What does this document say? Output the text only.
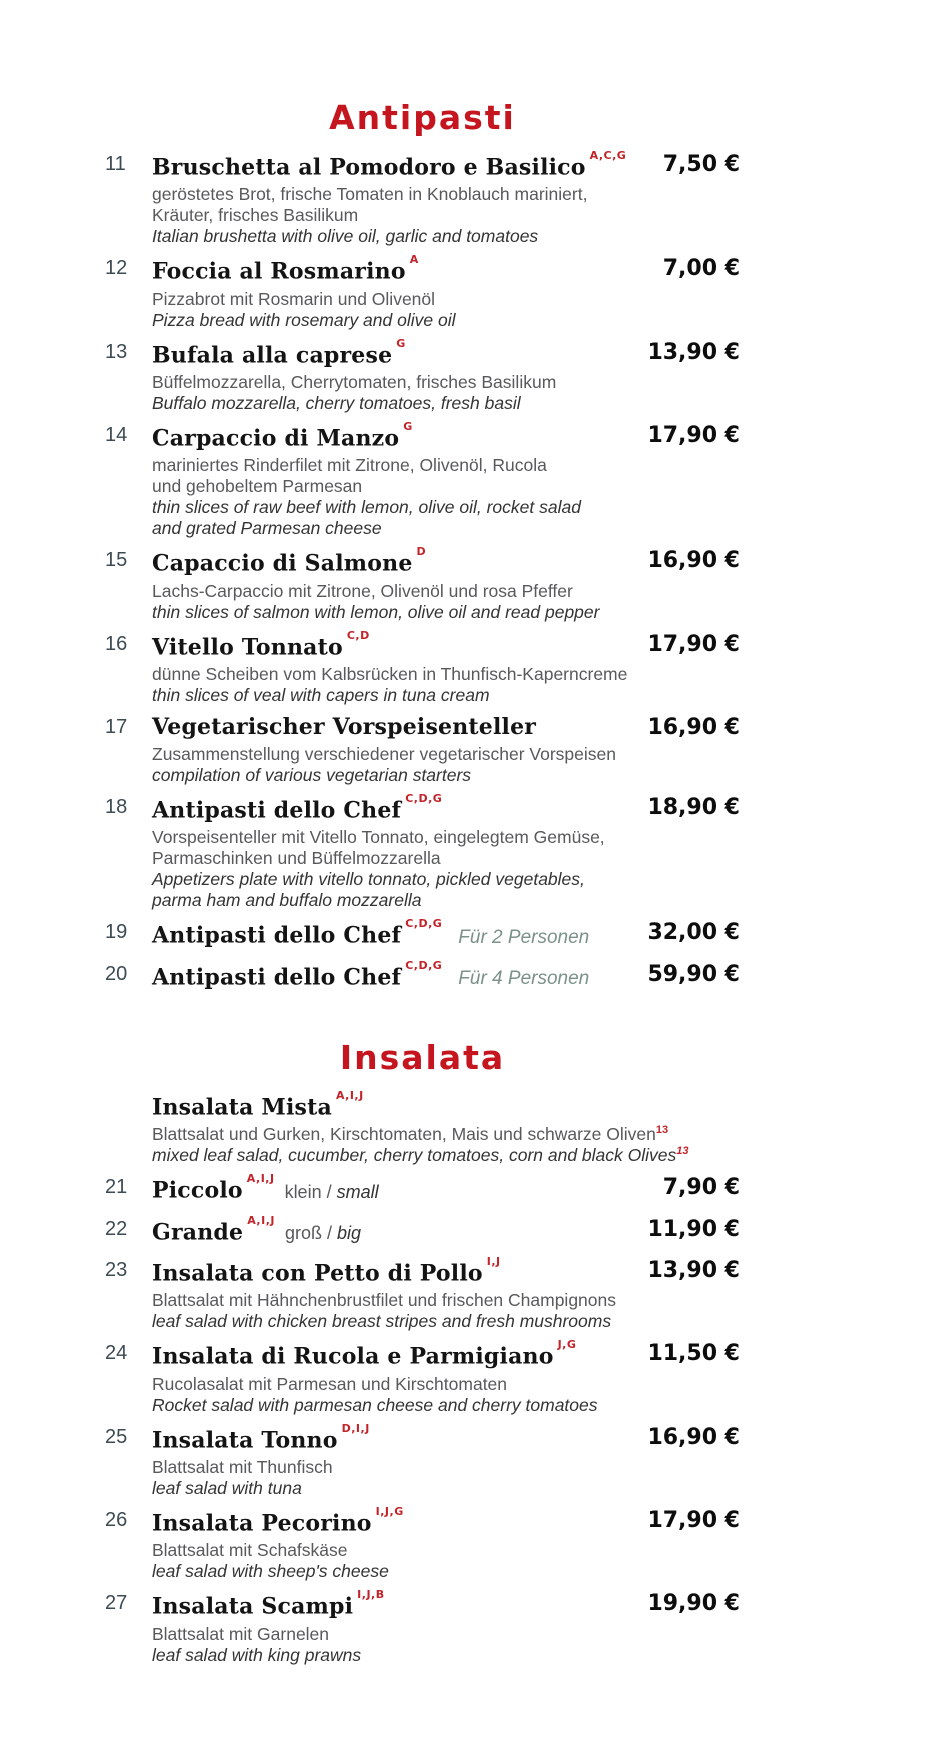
Antipasti
11	Bruschetta al Pomodoro e Basilico $^{A,C,G}$
geröstetes Brot, frische Tomaten in Knoblauch mariniert,
Kräuter, frisches Basilikum
Italian brushetta with olive oil, garlic and tomatoes
7,50 €
12	Foccia al Rosmarino $^A$
Pizzabrot mit Rosmarin und Olivenöl
Pizza bread with rosemary and olive oil
7,00 €
13	Bufala alla caprese $^G$
Büffelmozzarella, Cherrytomaten, frisches Basilikum
Buffalo mozzarella, cherry tomatoes, fresh basil
13,90 €
14	Carpaccio di Manzo $^G$
mariniertes Rinderfilet mit Zitrone, Olivenöl, Rucola
und gehobeltem Parmesan
thin slices of raw beef with lemon, olive oil, rocket salad
and grated Parmesan cheese
17,90 €
15	Capaccio di Salmone $^D$
Lachs-Carpaccio mit Zitrone, Olivenöl und rosa Pfeffer
thin slices of salmon with lemon, olive oil and read pepper
16,90 €
16	Vitello Tonnato $^{C,D}$
dünne Scheiben vom Kalbsrücken in Thunfisch-Kaperncreme
thin slices of veal with capers in tuna cream
17,90 €
17	Vegetarischer Vorspeisenteller
Zusammenstellung verschiedener vegetarischer Vorspeisen
compilation of various vegetarian starters
16,90 €
18	Antipasti dello Chef $^{C,D,G}$
Vorspeisenteller mit Vitello Tonnato, eingelegtem Gemüse,
Parmaschinken und Büffelmozzarella
Appetizers plate with vitello tonnato, pickled vegetables,
parma ham and buffalo mozzarella
18,90 €
19	Antipasti dello Chef $^{C,D,G}$Für 2 Personen	32,00 €
20	Antipasti dello Chef $^{C,D,G}$Für 4 Personen	59,90 €
Insalata
Insalata Mista $^{A,I,J}$
Blattsalat und Gurken, Kirschtomaten, Mais und schwarze Oliven$^{13}$
mixed leaf salad, cucumber, cherry tomatoes, corn and black Olives$^{13}$
21	Piccolo $^{A,I,J}$klein / small	7,90 €
22	Grande $^{A,I,J}$groß / big	11,90 €
23	Insalata con Petto di Pollo $^{I,J}$
Blattsalat mit Hähnchenbrustfilet und frischen Champignons
leaf salad with chicken breast stripes and fresh mushrooms
13,90 €
24	Insalata di Rucola e Parmigiano $^{J,G}$
Rucolasalat mit Parmesan und Kirschtomaten
Rocket salad with parmesan cheese and cherry tomatoes
11,50 €
25	Insalata Tonno $^{D,I,J}$
Blattsalat mit Thunfisch
leaf salad with tuna
16,90 €
26	Insalata Pecorino $^{I,J,G}$
Blattsalat mit Schafskäse
leaf salad with sheep's cheese
17,90 €
27	Insalata Scampi $^{I,J,B}$
Blattsalat mit Garnelen
leaf salad with king prawns
19,90 €
